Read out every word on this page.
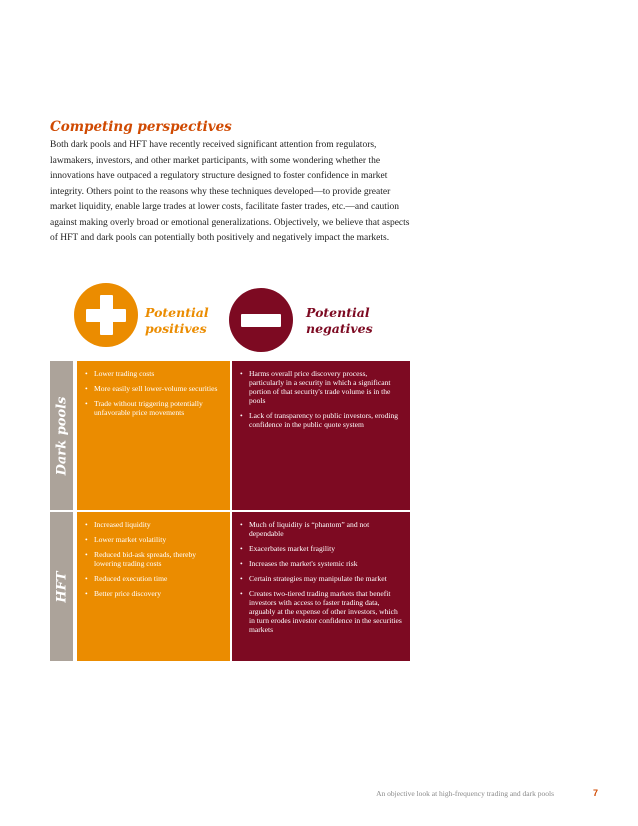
Competing perspectives
Both dark pools and HFT have recently received significant attention from regulators, lawmakers, investors, and other market participants, with some wondering whether the innovations have outpaced a regulatory structure designed to foster confidence in market integrity. Others point to the reasons why these techniques developed—to provide greater market liquidity, enable large trades at lower costs, facilitate faster trades, etc.—and caution against making overly broad or emotional generalizations. Objectively, we believe that aspects of HFT and dark pools can potentially both positively and negatively impact the markets.
Potential positives
Potential negatives
Dark pools
• Lower trading costs
• More easily sell lower-volume securities
• Trade without triggering potentially unfavorable price movements
• Harms overall price discovery process, particularly in a security in which a significant portion of that security's trade volume is in the pools
• Lack of transparency to public investors, eroding confidence in the public quote system
HFT
• Increased liquidity
• Lower market volatility
• Reduced bid-ask spreads, thereby lowering trading costs
• Reduced execution time
• Better price discovery
• Much of liquidity is “phantom” and not dependable
• Exacerbates market fragility
• Increases the market's systemic risk
• Certain strategies may manipulate the market
• Creates two-tiered trading markets that benefit investors with access to faster trading data, arguably at the expense of other investors, which in turn erodes investor confidence in the securities markets
An objective look at high-frequency trading and dark pools	7
